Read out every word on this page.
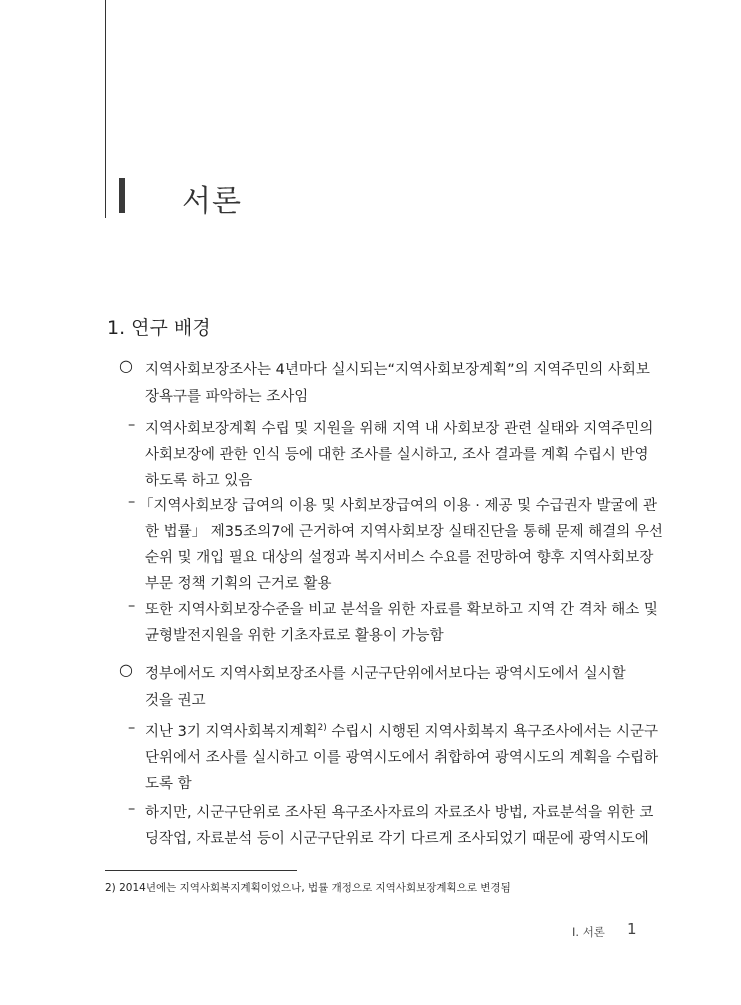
서론
1. 연구 배경
○ 지역사회보장조사는 4년마다 실시되는“지역사회보장계획”의 지역주민의 사회보
장욕구를 파악하는 조사임
– 지역사회보장계획 수립 및 지원을 위해 지역 내 사회보장 관련 실태와 지역주민의
사회보장에 관한 인식 등에 대한 조사를 실시하고, 조사 결과를 계획 수립시 반영
하도록 하고 있음
– 「지역사회보장 급여의 이용 및 사회보장급여의 이용 · 제공 및 수급권자 발굴에 관
한 법률」 제35조의7에 근거하여 지역사회보장 실태진단을 통해 문제 해결의 우선
순위 및 개입 필요 대상의 설정과 복지서비스 수요를 전망하여 향후 지역사회보장
부문 정책 기획의 근거로 활용
– 또한 지역사회보장수준을 비교 분석을 위한 자료를 확보하고 지역 간 격차 해소 및
균형발전지원을 위한 기초자료로 활용이 가능함
○ 정부에서도 지역사회보장조사를 시군구단위에서보다는 광역시도에서 실시할
것을 권고
– 지난 3기 지역사회복지계획$^{2)}$ 수립시 시행된 지역사회복지 욕구조사에서는 시군구
단위에서 조사를 실시하고 이를 광역시도에서 취합하여 광역시도의 계획을 수립하
도록 함
– 하지만, 시군구단위로 조사된 욕구조사자료의 자료조사 방법, 자료분석을 위한 코
딩작업, 자료분석 등이 시군구단위로 각기 다르게 조사되었기 때문에 광역시도에
2) 2014년에는 지역사회복지계획이었으나, 법률 개정으로 지역사회보장계획으로 변경됨
Ⅰ. 서론 1
